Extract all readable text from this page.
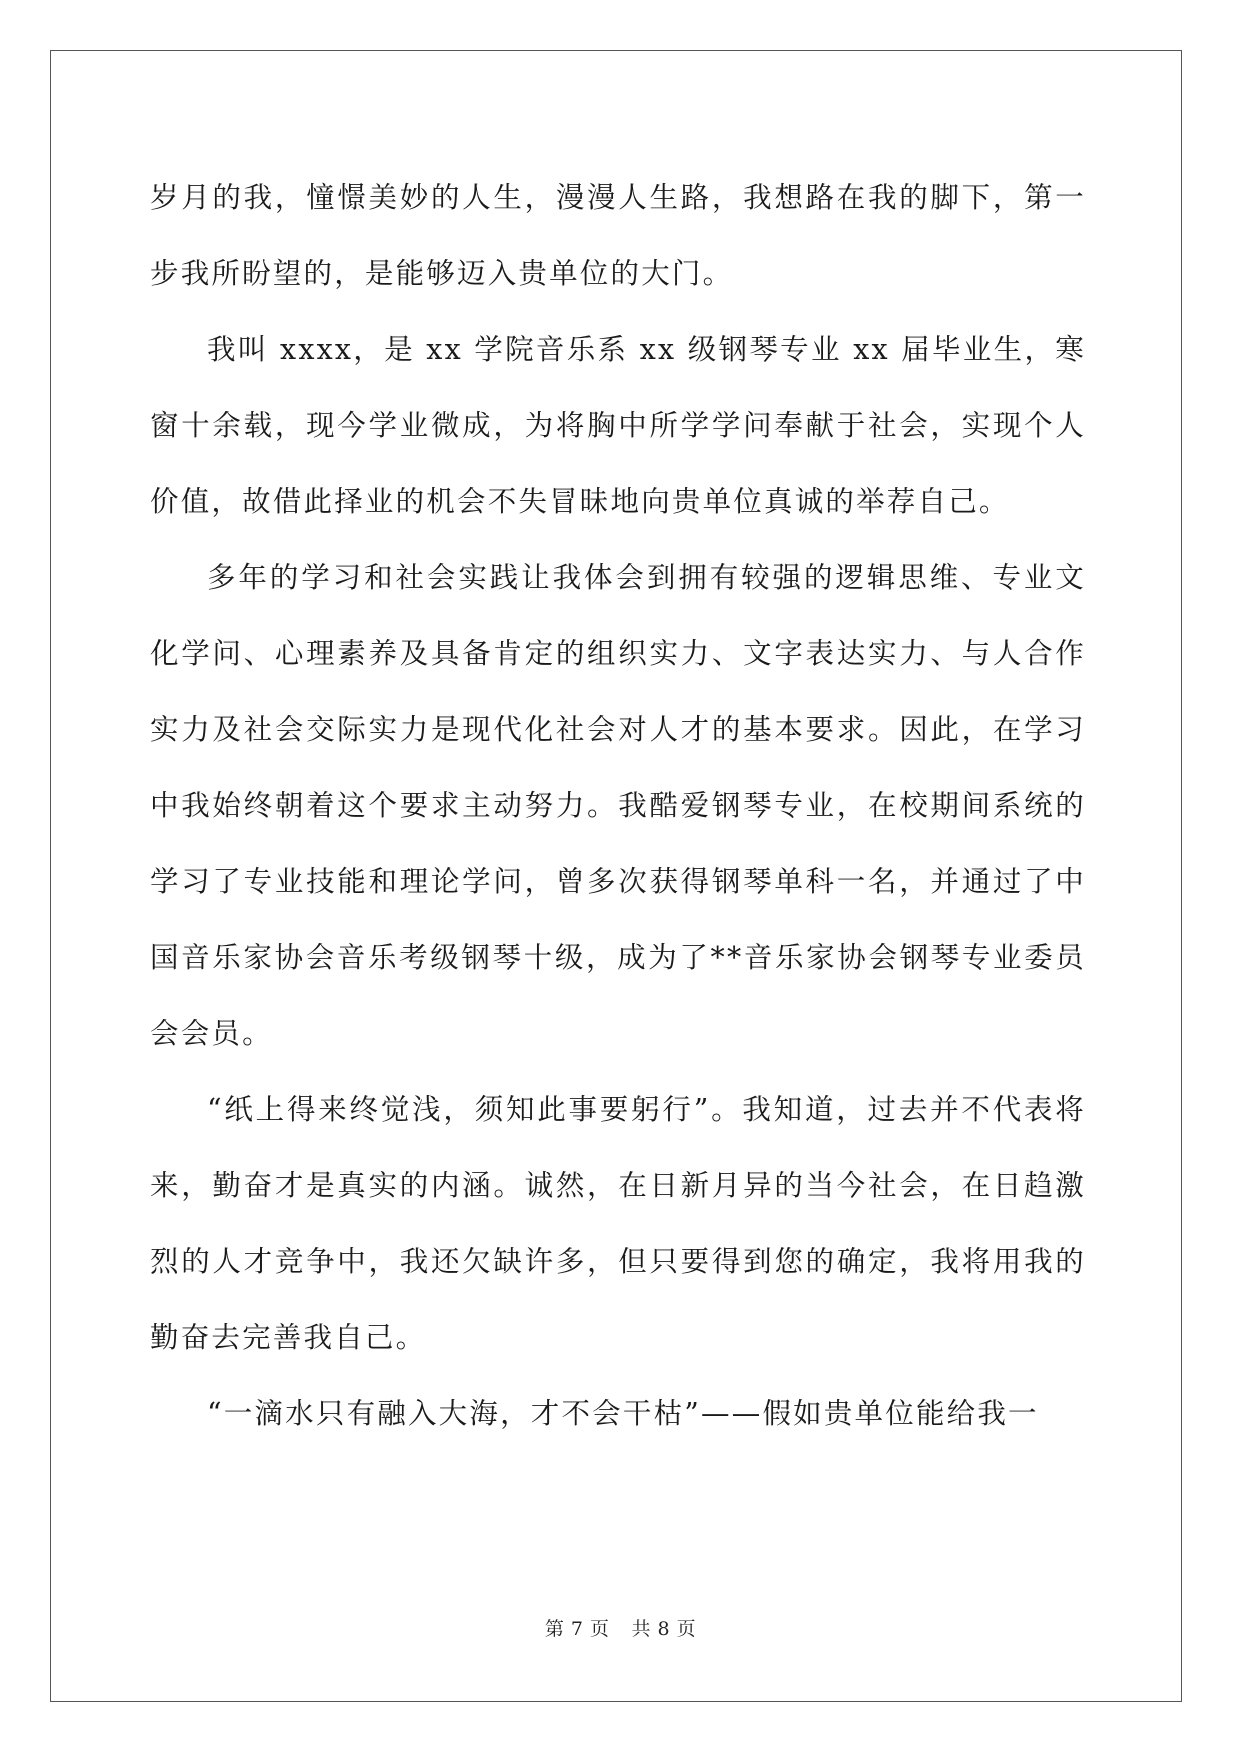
岁月的我，憧憬美妙的人生，漫漫人生路，我想路在我的脚下，第一步我所盼望的，是能够迈入贵单位的大门。

我叫 xxxx，是 xx 学院音乐系 xx 级钢琴专业 xx 届毕业生，寒窗十余载，现今学业微成，为将胸中所学学问奉献于社会，实现个人价值，故借此择业的机会不失冒昧地向贵单位真诚的举荐自己。

多年的学习和社会实践让我体会到拥有较强的逻辑思维、专业文化学问、心理素养及具备肯定的组织实力、文字表达实力、与人合作实力及社会交际实力是现代化社会对人才的基本要求。因此，在学习中我始终朝着这个要求主动努力。我酷爱钢琴专业，在校期间系统的学习了专业技能和理论学问，曾多次获得钢琴单科一名，并通过了中国音乐家协会音乐考级钢琴十级，成为了**音乐家协会钢琴专业委员会会员。

“纸上得来终觉浅，须知此事要躬行”。我知道，过去并不代表将来，勤奋才是真实的内涵。诚然，在日新月异的当今社会，在日趋激烈的人才竞争中，我还欠缺许多，但只要得到您的确定，我将用我的勤奋去完善我自己。

“一滴水只有融入大海，才不会干枯”——假如贵单位能给我一

第 7 页 共 8 页
